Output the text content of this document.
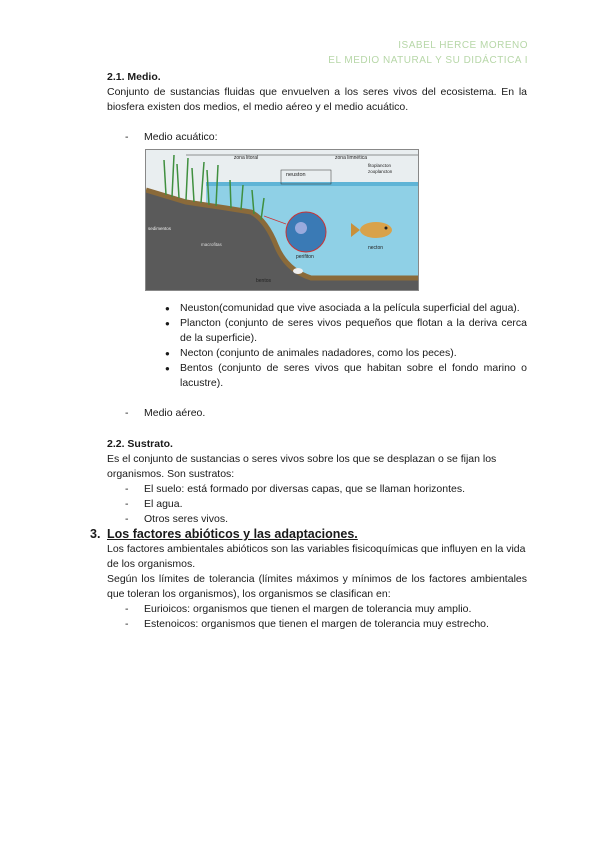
ISABEL HERCE MORENO
EL MEDIO NATURAL Y SU DIDÁCTICA I

2.1. Medio.

Conjunto de sustancias fluidas que envuelven a los seres vivos del ecosistema. En la biosfera existen dos medios, el medio aéreo y el medio acuático.

- Medio acuático:
zona litoral	zona limnética
neuston
fitoplancton
zooplancton
perifiton
necton
bentos
sedimentos
macrofitas
● Neuston(comunidad que vive asociada a la película superficial del agua).
● Plancton (conjunto de seres vivos pequeños que flotan a la deriva cerca de la superficie).
● Necton (conjunto de animales nadadores, como los peces).
● Bentos (conjunto de seres vivos que habitan sobre el fondo marino o lacustre).
- Medio aéreo.

2.2. Sustrato.

Es el conjunto de sustancias o seres vivos sobre los que se desplazan o se fijan los organismos. Son sustratos:

- El suelo: está formado por diversas capas, que se llaman horizontes.
- El agua.
- Otros seres vivos.

3. Los factores abióticos y las adaptaciones.

Los factores ambientales abióticos son las variables fisicoquímicas que influyen en la vida de los organismos.

Según los límites de tolerancia (límites máximos y mínimos de los factores ambientales que toleran los organismos), los organismos se clasifican en:

- Eurioicos: organismos que tienen el margen de tolerancia muy amplio.
- Estenoicos: organismos que tienen el margen de tolerancia muy estrecho.
